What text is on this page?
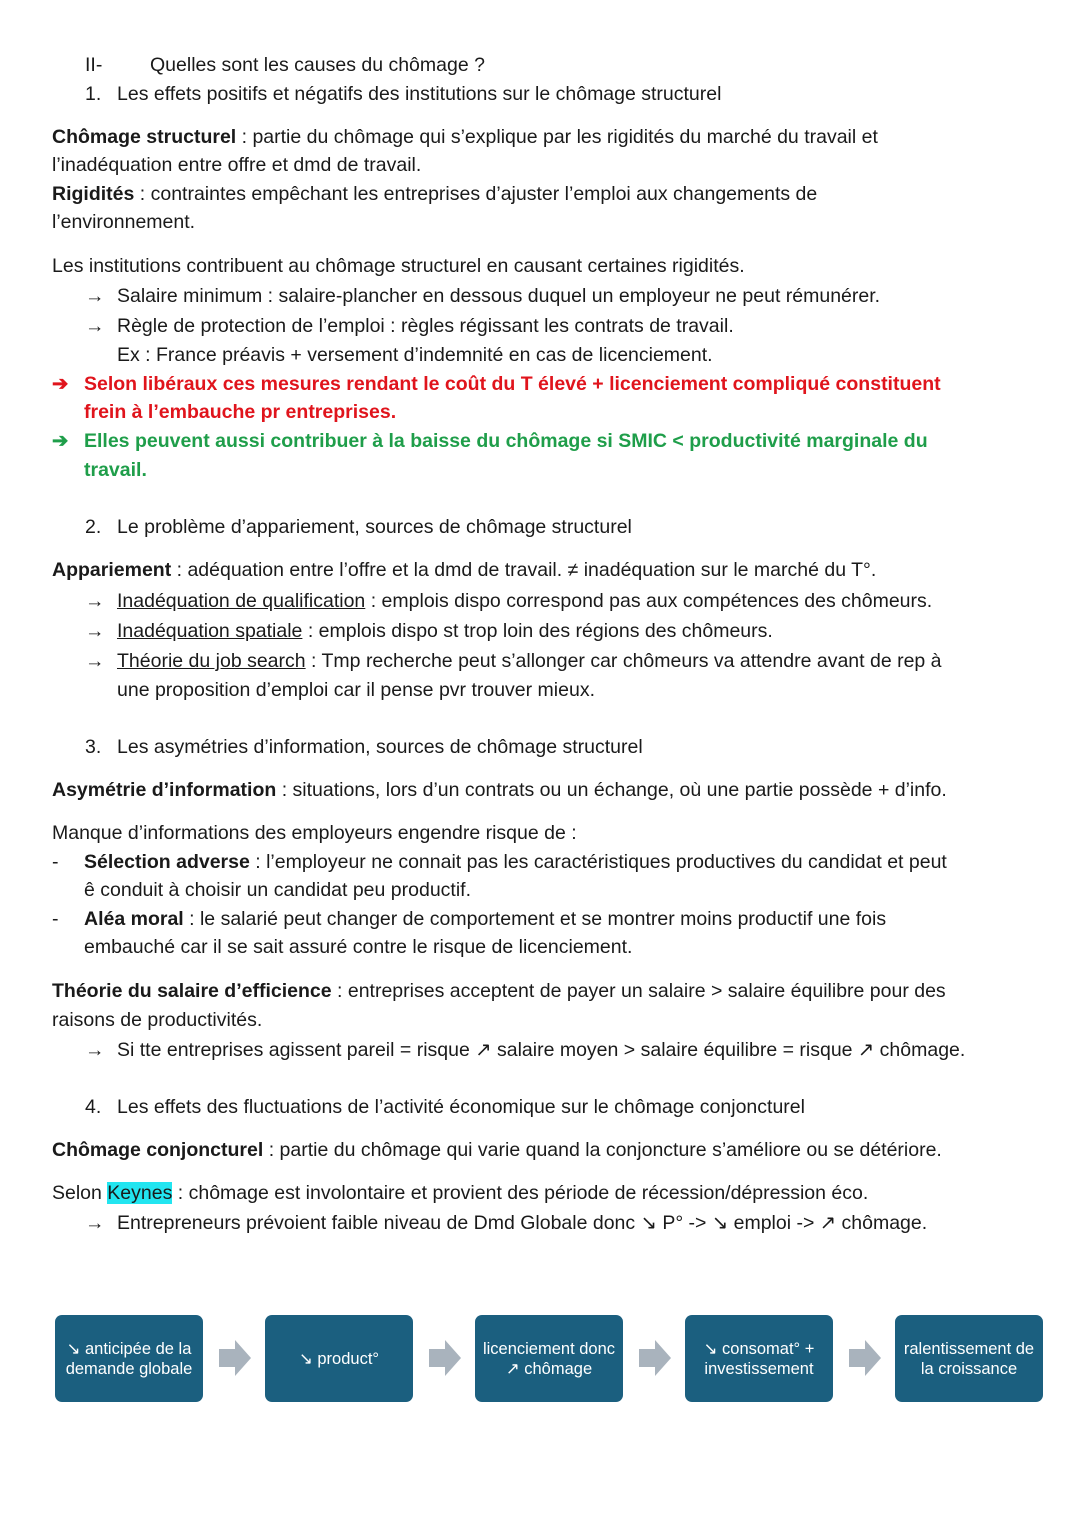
II- Quelles sont les causes du chômage ?
1. Les effets positifs et négatifs des institutions sur le chômage structurel
Chômage structurel : partie du chômage qui s’explique par les rigidités du marché du travail et
l’inadéquation entre offre et dmd de travail.
Rigidités : contraintes empêchant les entreprises d’ajuster l’emploi aux changements de
l’environnement.
Les institutions contribuent au chômage structurel en causant certaines rigidités.
→ Salaire minimum : salaire-plancher en dessous duquel un employeur ne peut rémunérer.
→ Règle de protection de l’emploi : règles régissant les contrats de travail.
Ex : France préavis + versement d’indemnité en cas de licenciement.
➔ Selon libéraux ces mesures rendant le coût du T élevé + licenciement compliqué constituent
frein à l’embauche pr entreprises.
➔ Elles peuvent aussi contribuer à la baisse du chômage si SMIC < productivité marginale du
travail.
2. Le problème d’appariement, sources de chômage structurel
Appariement : adéquation entre l’offre et la dmd de travail. ≠ inadéquation sur le marché du T°.
→ Inadéquation de qualification : emplois dispo correspond pas aux compétences des chômeurs.
→ Inadéquation spatiale : emplois dispo st trop loin des régions des chômeurs.
→ Théorie du job search : Tmp recherche peut s’allonger car chômeurs va attendre avant de rep à
une proposition d’emploi car il pense pvr trouver mieux.
3. Les asymétries d’information, sources de chômage structurel
Asymétrie d’information : situations, lors d’un contrats ou un échange, où une partie possède + d’info.
Manque d’informations des employeurs engendre risque de :
- Sélection adverse : l’employeur ne connait pas les caractéristiques productives du candidat et peut
ê conduit à choisir un candidat peu productif.
- Aléa moral : le salarié peut changer de comportement et se montrer moins productif une fois
embauché car il se sait assuré contre le risque de licenciement.
Théorie du salaire d’efficience : entreprises acceptent de payer un salaire > salaire équilibre pour des
raisons de productivités.
→ Si tte entreprises agissent pareil = risque ↗ salaire moyen > salaire équilibre = risque ↗ chômage.
4. Les effets des fluctuations de l’activité économique sur le chômage conjoncturel
Chômage conjoncturel : partie du chômage qui varie quand la conjoncture s’améliore ou se détériore.
Selon Keynes : chômage est involontaire et provient des période de récession/dépression éco.
→ Entrepreneurs prévoient faible niveau de Dmd Globale donc ↘ P° -> ↘ emploi -> ↗ chômage.
↘ anticipée de la demande globale
↘ product°
licenciement donc ↗ chômage
↘ consomat° + investissement
ralentissement de la croissance
